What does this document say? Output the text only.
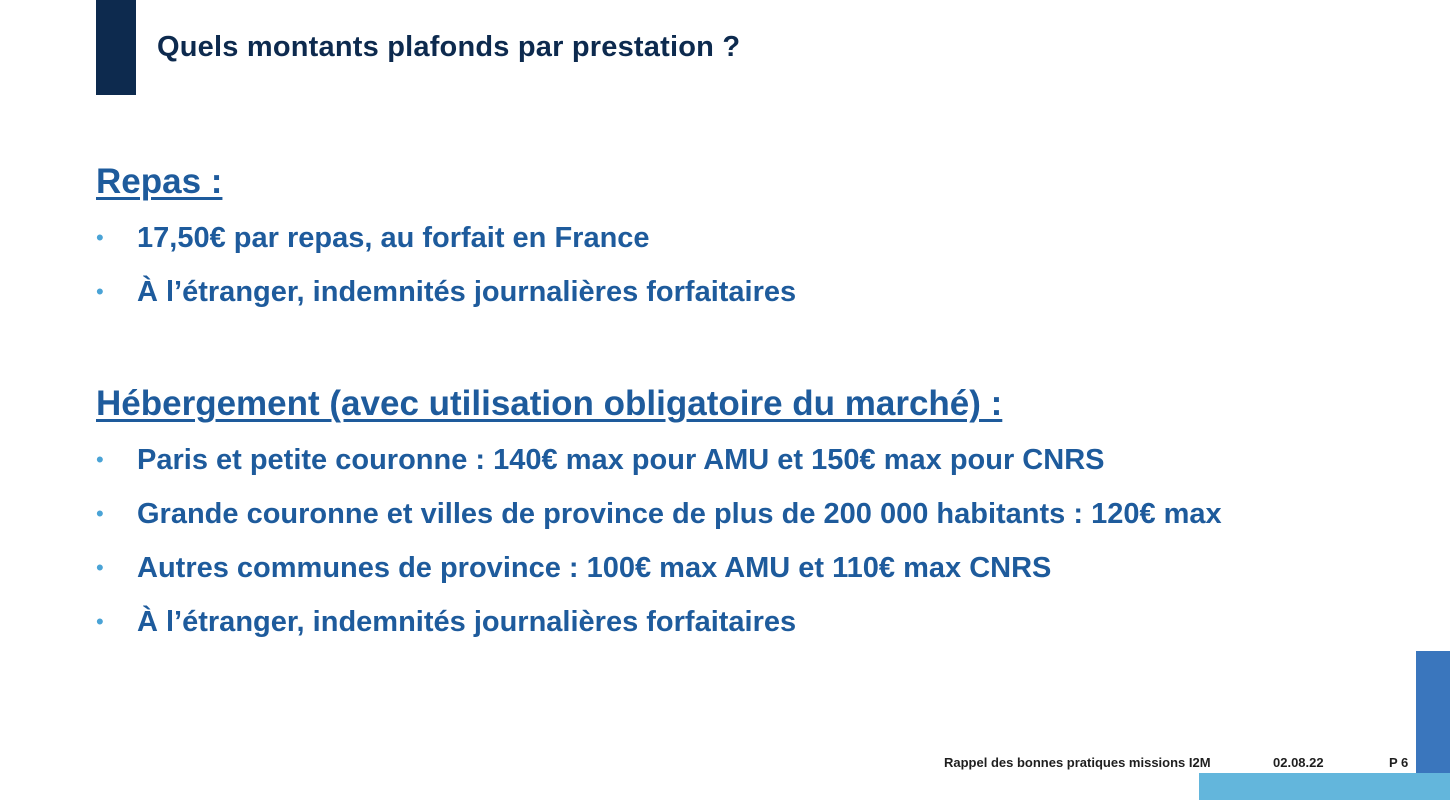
Quels montants plafonds par prestation ?
Repas :
•	17,50€ par repas, au forfait en France
•	À l’étranger, indemnités journalières forfaitaires
Hébergement (avec utilisation obligatoire du marché) :
•	Paris et petite couronne : 140€ max pour AMU et 150€ max pour CNRS
•	Grande couronne et villes de province de plus de 200 000 habitants : 120€ max
•	Autres communes de province : 100€ max AMU et 110€ max CNRS
•	À l’étranger, indemnités journalières forfaitaires
Rappel des bonnes pratiques missions I2M	02.08.22	P 6
